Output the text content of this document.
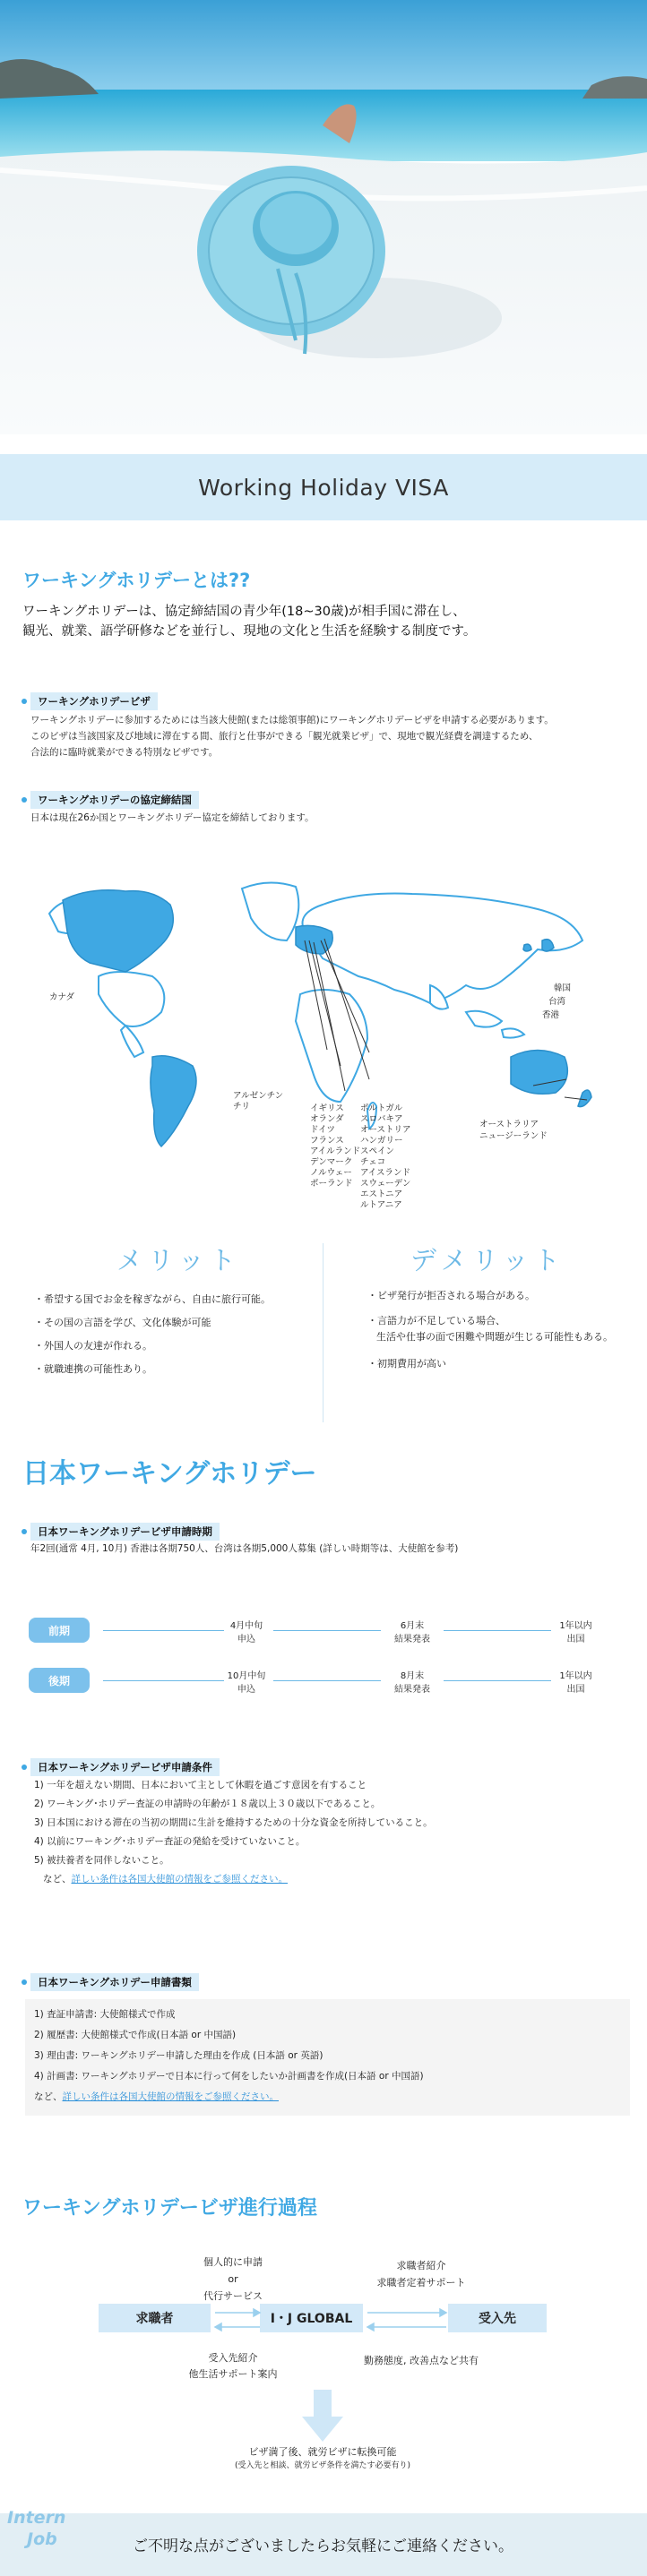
Working Holiday VISA
ワーキングホリデーとは??
ワーキングホリデーは、協定締結国の青少年(18~30歳)が相手国に滞在し、
観光、就業、語学研修などを並行し、現地の文化と生活を経験する制度です。
ワーキングホリデービザ
ワーキングホリデーに参加するためには当該大使館(または総領事館)にワーキングホリデービザを申請する必要があります。
このビザは当該国家及び地域に滞在する間、旅行と仕事ができる「観光就業ビザ」で、現地で観光経費を調達するため、
合法的に臨時就業ができる特別なビザです。
ワーキングホリデーの協定締結国
日本は現在26か国とワーキングホリデー協定を締結しております。
カナダ
アルゼンチン
チリ
韓国
台湾
香港
オーストラリア
ニュージーランド
イギリス
オランダ
ドイツ
フランス
アイルランド
デンマーク
ノルウェー
ポーランド
ポルトガル
スロバキア
オーストリア
ハンガリー
スペイン
チェコ
アイスランド
スウェーデン
エストニア
ルトアニア
メリット	デメリット
・希望する国でお金を稼ぎながら、自由に旅行可能。
・その国の言語を学び、文化体験が可能
・外国人の友達が作れる。
・就職連携の可能性あり。
・ビザ発行が拒否される場合がある。
・言語力が不足している場合、
生活や仕事の面で困難や問題が生じる可能性もある。
・初期費用が高い
日本ワーキングホリデー
日本ワーキングホリデービザ申請時期
年2回(通常 4月, 10月) 香港は各期750人、台湾は各期5,000人募集 (詳しい時期等は、大使館を参考)
前期	4月中旬
申込
6月末
結果発表
1年以内
出国
後期	10月中旬
申込
8月末
結果発表
1年以内
出国
日本ワーキングホリデービザ申請条件
1) 一年を超えない期間、日本において主として休暇を過ごす意図を有すること
2) ワーキング･ホリデー査証の申請時の年齢が１８歳以上３０歳以下であること。
3) 日本国における滞在の当初の期間に生計を維持するための十分な資金を所持していること。
4) 以前にワーキング･ホリデー査証の発給を受けていないこと。
5) 被扶養者を同伴しないこと。
など、詳しい条件は各国大使館の情報をご参照ください。
日本ワーキングホリデー申請書類
1) 査証申請書: 大使館様式で作成
2) 履歴書: 大使館様式で作成(日本語 or 中国語)
3) 理由書: ワーキングホリデー申請した理由を作成 (日本語 or 英語)
4) 計画書: ワーキングホリデーで日本に行って何をしたいか計画書を作成(日本語 or 中国語)
など、詳しい条件は各国大使館の情報をご参照ください。
ワーキングホリデービザ進行過程
個人的に申請
or
代行サービス
求職者紹介
求職者定着サポート
求職者	I・J GLOBAL	受入先
受入先紹介
他生活サポート案内
勤務態度, 改善点など共有
ビザ満了後、就労ビザに転換可能
(受入先と相談、就労ビザ条件を満たす必要有り)
Intern
Job	ご不明な点がございましたらお気軽にご連絡ください。
